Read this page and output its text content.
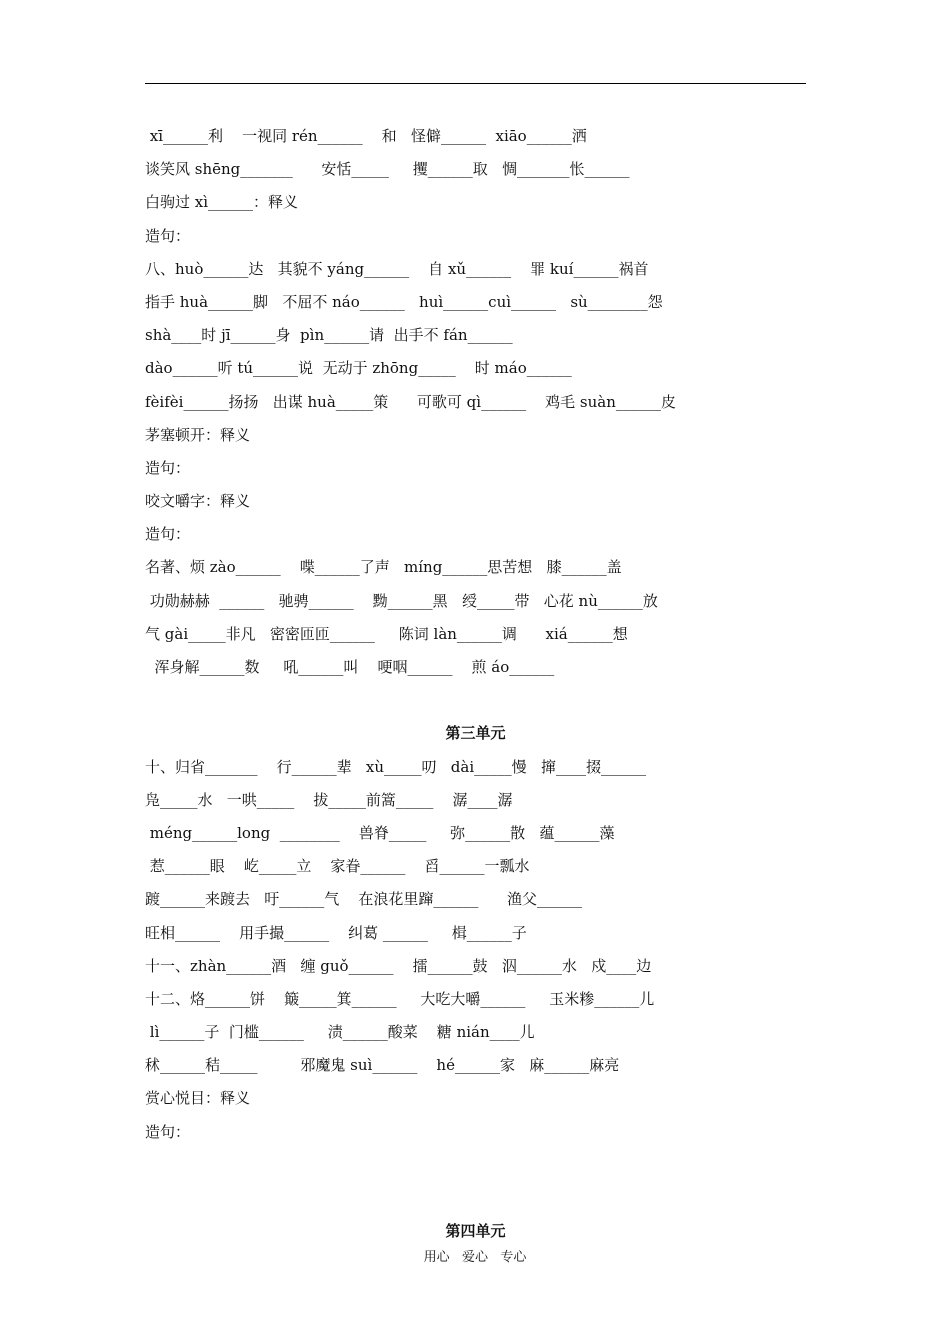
xī______利    一视同 rén______    和   怪僻______  xiāo______洒
谈笑风 shēng_______      安恬_____     攫______取   惆_______怅______
白驹过 xì______：释义
造句：
八、huò______达   其貌不 yáng______    自 xǔ______    罪 kuí______祸首
指手 huà______脚   不屈不 náo______   huì______cuì______   sù________怨
shà____时 jī______身  pìn______请  出手不 fán______
dào______听 tú______说  无动于 zhōng_____    时 máo______
fèifèi______扬扬   出谋 huà_____策      可歌可 qì______    鸡毛 suàn______皮
茅塞顿开：释义
造句：
咬文嚼字：释义
造句：
名著、烦 zào______    喋______了声   míng______思苦想   膝______盖
功勋赫赫  ______   驰骋______    黝______黑   绶_____带   心花 nù______放
气 gài_____非凡   密密匝匝______     陈词 làn______调      xiá______想
浑身解______数     吼______叫    哽咽______    煎 áo______
第三单元
十、归省_______    行______辈   xù_____叨   dài_____慢   撺____掇______
凫_____水   一哄_____    拔_____前篙_____    潺____潺
méng______long  ________    兽脊_____     弥______散   蕴______藻
惹______眼    屹_____立    家眷______    舀______一瓢水
踱______来踱去   吁______气    在浪花里蹿______      渔父______
旺相______    用手撮______    纠葛 ______     楫______子
十一、zhàn______酒   缠 guǒ______    擂______鼓   泅______水   戍____边
十二、烙______饼    簸_____箕______     大吃大嚼______     玉米糁______儿
lì______子  门槛______     渍______酸菜    糖 nián____儿
秫______秸_____         邪魔鬼 suì______    hé______家   麻______麻亮
赏心悦目：释义
造句：
第四单元
用心   爱心   专心
